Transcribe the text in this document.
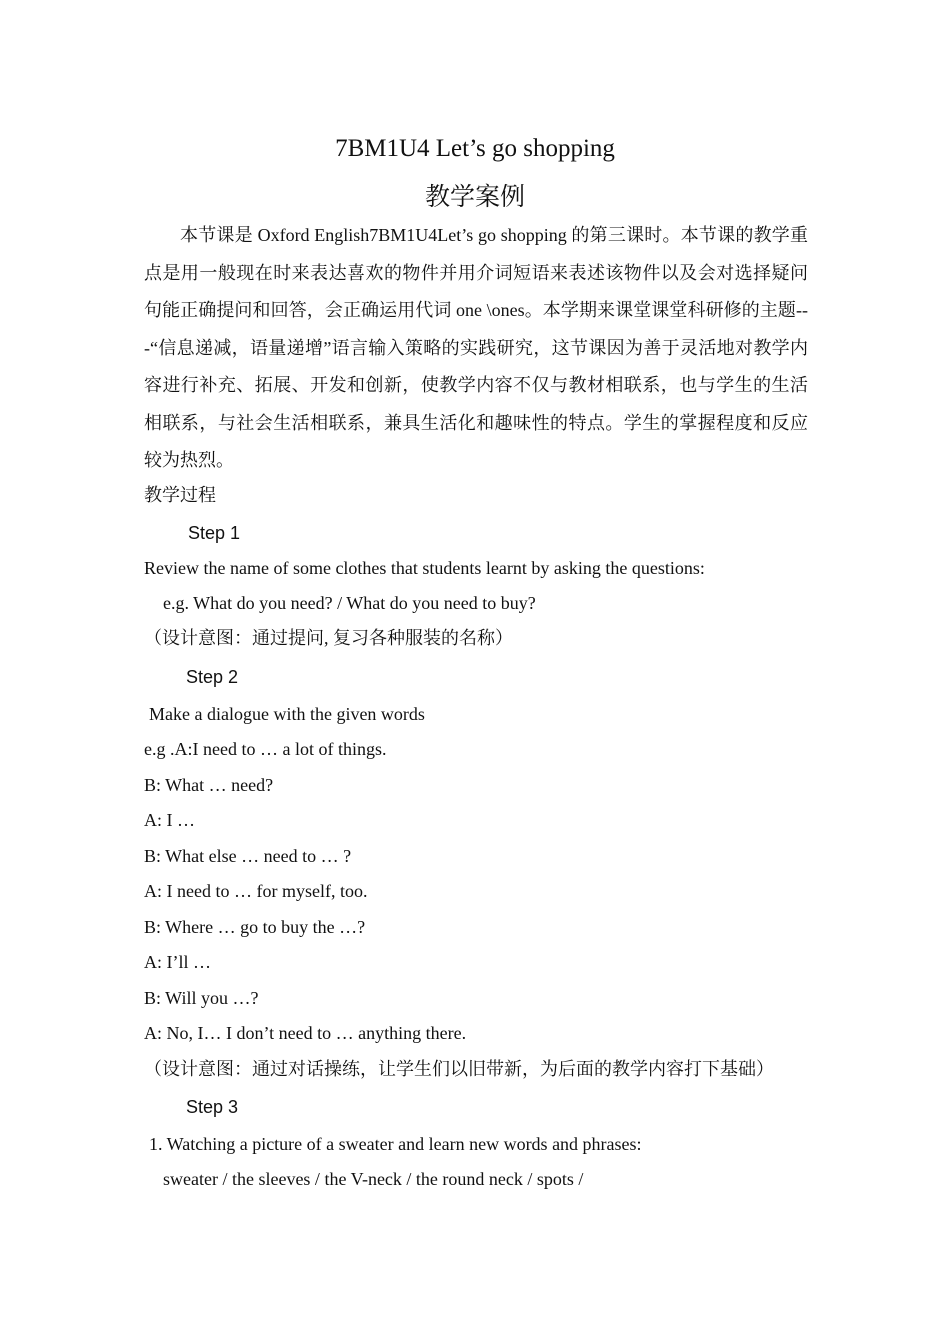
7BM1U4 Let’s go shopping
教学案例
本节课是 Oxford English7BM1U4Let’s go shopping 的第三课时。本节课的教学重点是用一般现在时来表达喜欢的物件并用介词短语来表述该物件以及会对选择疑问句能正确提问和回答，会正确运用代词 one \ones。本学期来课堂课堂科研修的主题---“信息递减，语量递增”语言输入策略的实践研究，这节课因为善于灵活地对教学内容进行补充、拓展、开发和创新，使教学内容不仅与教材相联系，也与学生的生活相联系，与社会生活相联系，兼具生活化和趣味性的特点。学生的掌握程度和反应较为热烈。
教学过程
Step 1
Review the name of some clothes that students learnt by asking the questions:
e.g. What do you need? / What do you need to buy?
（设计意图：通过提问, 复习各种服装的名称）
Step 2
Make a dialogue with the given words
e.g .A:I need to … a lot of things.
B: What … need?
A: I …
B: What else … need to … ?
A: I need to … for myself, too.
B: Where … go to buy the …?
A: I’ll …
B: Will you …?
A: No, I… I don’t need to … anything there.
（设计意图：通过对话操练，让学生们以旧带新，为后面的教学内容打下基础）
Step 3
1. Watching a picture of a sweater and learn new words and phrases:
sweater / the sleeves / the V-neck / the round neck / spots /
